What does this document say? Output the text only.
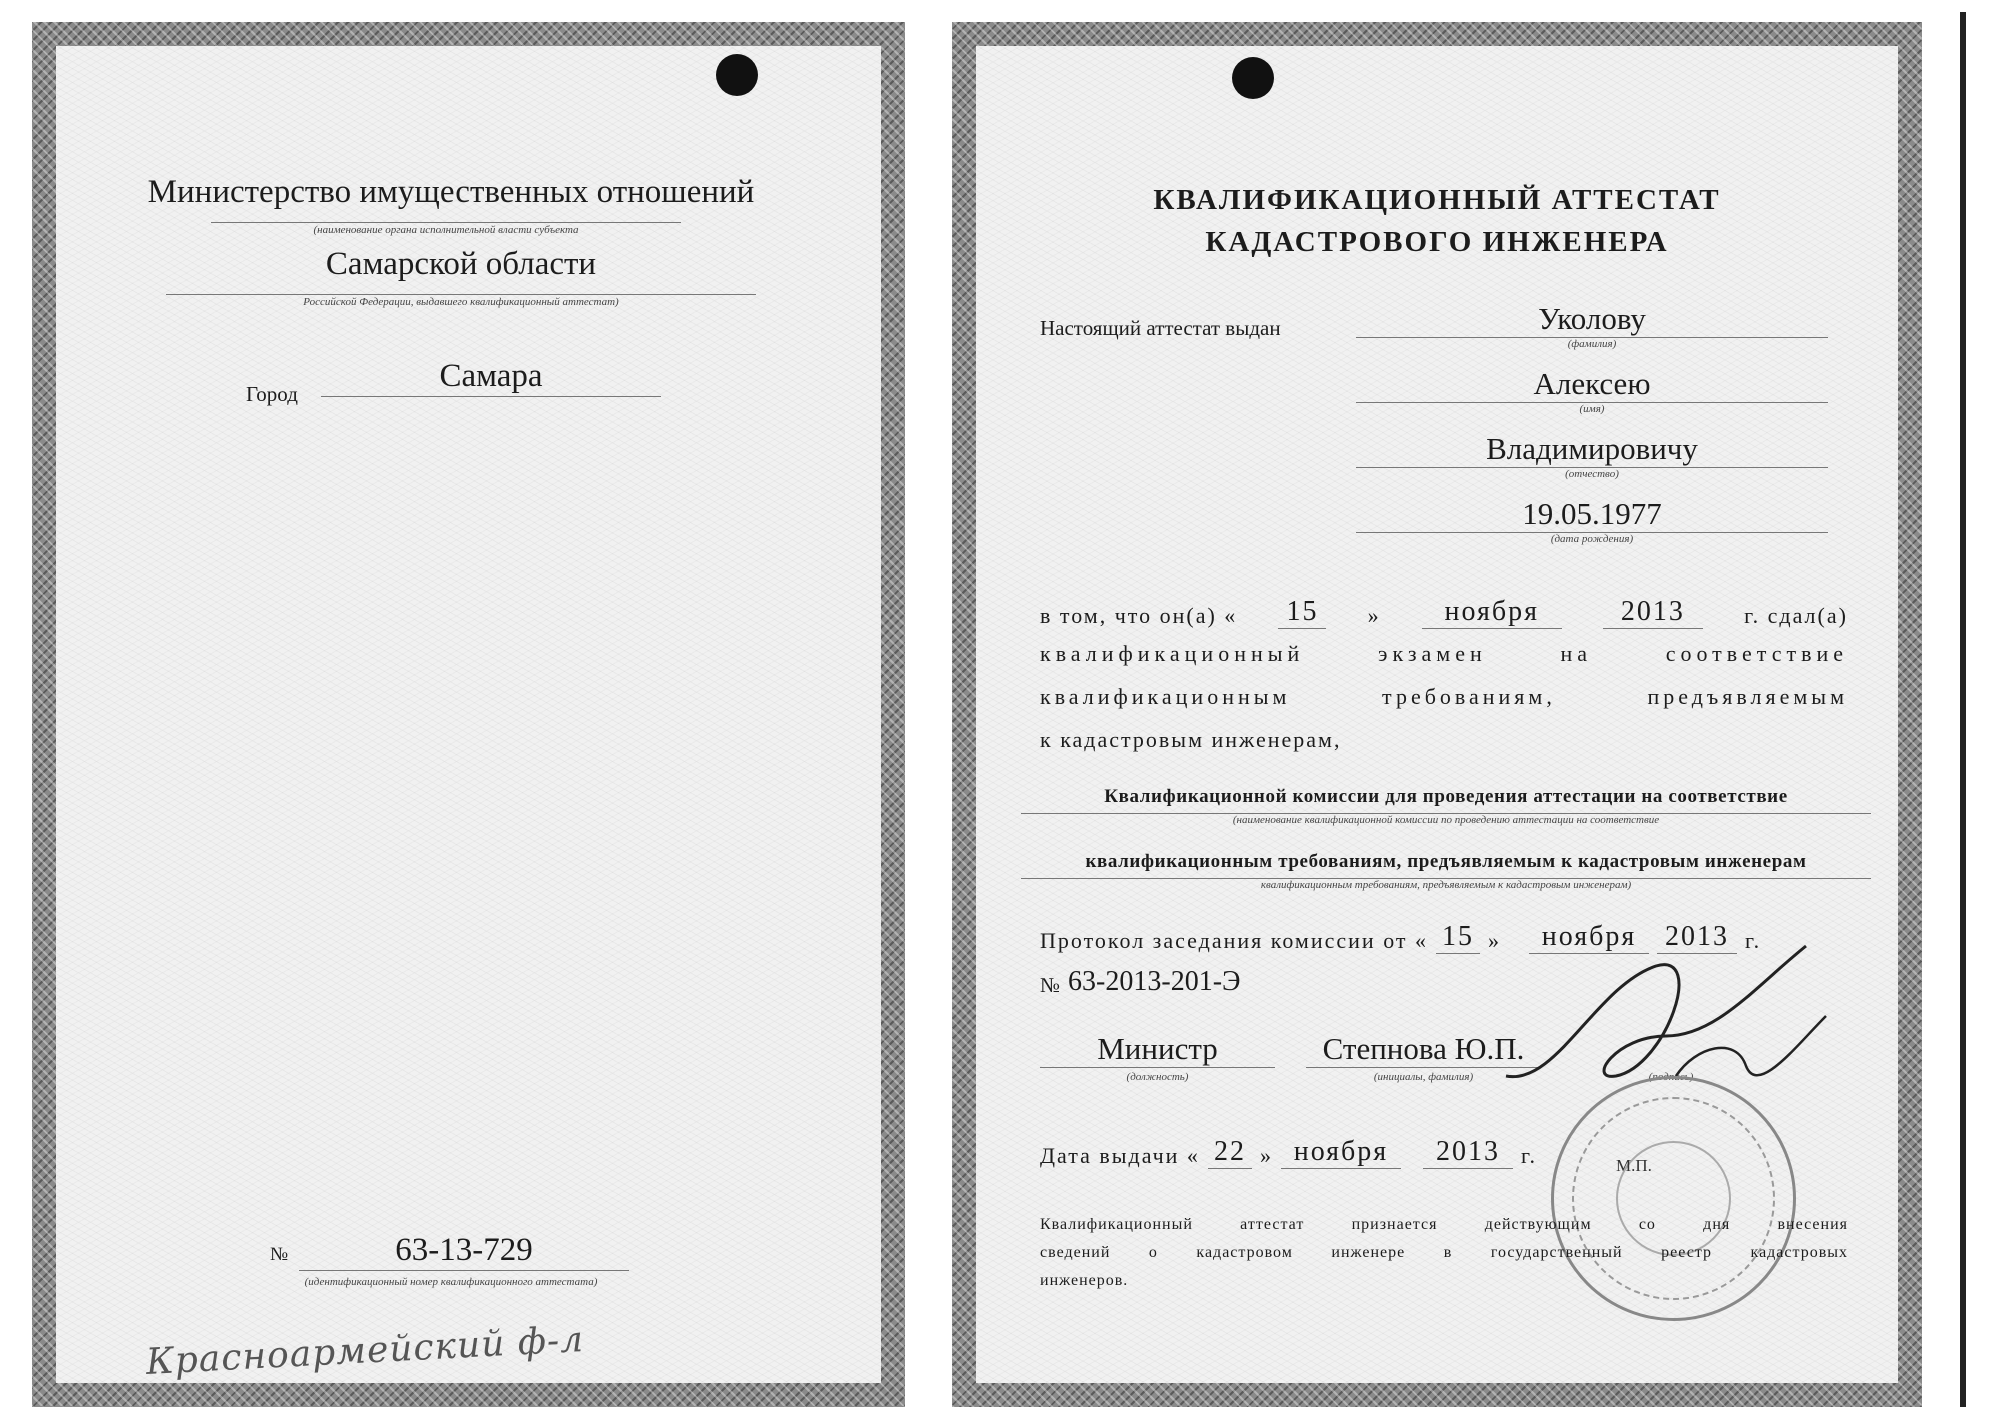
Министерство имущественных отношений
(наименование органа исполнительной власти субъекта
Самарской области
Российской Федерации, выдавшего квалификационный аттестат)
Город	Самара
№	63-13-729
(идентификационный номер квалификационного аттестата)
Красноармейский ф-л
КВАЛИФИКАЦИОННЫЙ АТТЕСТАТ
КАДАСТРОВОГО ИНЖЕНЕРА
Настоящий аттестат выдан	Уколову
(фамилия)
Алексею
(имя)
Владимировичу
(отчество)
19.05.1977
(дата рождения)
в том, что он(а) « 15	»	ноября	2013	г. сдал(а)
квалификационный экзамен на соответствие
квалификационным требованиям, предъявляемым
к кадастровым инженерам,
Квалификационной комиссии для проведения аттестации на соответствие
(наименование квалификационной комиссии по проведению аттестации на соответствие
квалификационным требованиям, предъявляемым к кадастровым инженерам
квалификационным требованиям, предъявляемым к кадастровым инженерам)
Протокол заседания комиссии от « 15 »	ноября	2013 г.
№ 63-2013-201-Э
Министр
(должность)
Степнова Ю.П.
(инициалы, фамилия)	(подпись)
Дата выдачи « 22 » ноября	2013 г.	М.П.
Квалификационный аттестат признается действующим со дня внесения
сведений о кадастровом инженере в государственный реестр кадастровых
инженеров.
